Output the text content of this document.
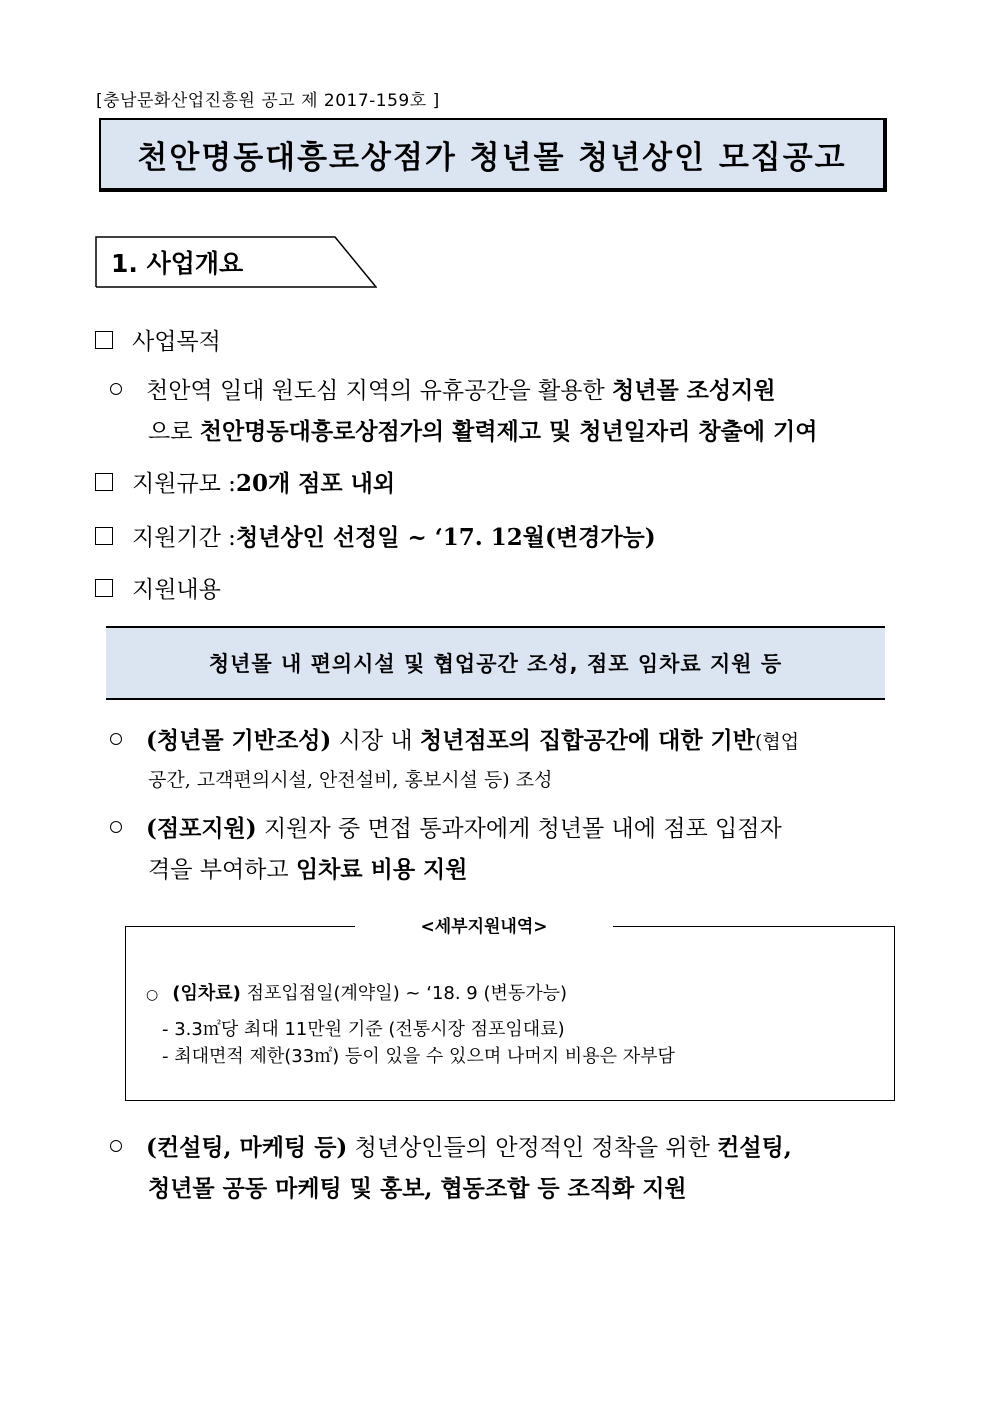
[충남문화산업진흥원 공고 제 2017-159호 ]
천안명동대흥로상점가 청년몰 청년상인 모집공고
1. 사업개요
사업목적
천안역 일대 원도심 지역의 유휴공간을 활용한 청년몰 조성지원
으로 천안명동대흥로상점가의 활력제고 및 청년일자리 창출에 기여
지원규모 : 20개 점포 내외
지원기간 : 청년상인 선정일 ~ ‘17. 12월(변경가능)
지원내용
청년몰 내 편의시설 및 협업공간 조성, 점포 임차료 지원 등
(청년몰 기반조성) 시장 내 청년점포의 집합공간에 대한 기반(협업
공간, 고객편의시설, 안전설비, 홍보시설 등) 조성
(점포지원) 지원자 중 면접 통과자에게 청년몰 내에 점포 입점자
격을 부여하고 임차료 비용 지원
<세부지원내역>
○ (임차료) 점포입점일(계약일) ~ ‘18. 9 (변동가능)
- 3.3㎡당 최대 11만원 기준 (전통시장 점포임대료)
- 최대면적 제한(33㎡) 등이 있을 수 있으며 나머지 비용은 자부담
(컨설팅, 마케팅 등) 청년상인들의 안정적인 정착을 위한 컨설팅,
청년몰 공동 마케팅 및 홍보, 협동조합 등 조직화 지원
